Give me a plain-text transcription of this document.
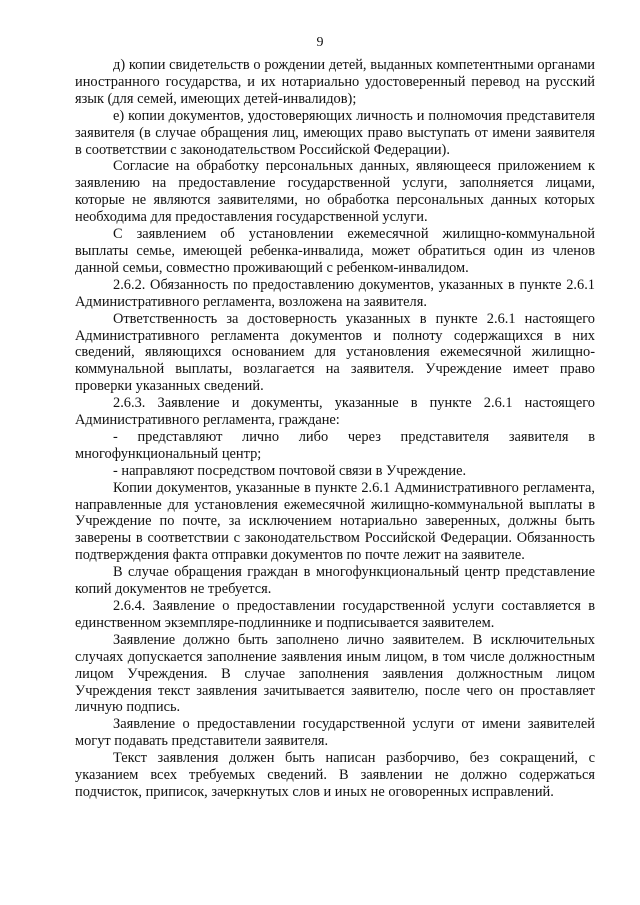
9

д) копии свидетельств о рождении детей, выданных компетентными органами иностранного государства, и их нотариально удостоверенный перевод на русский язык (для семей, имеющих детей-инвалидов);

е) копии документов, удостоверяющих личность и полномочия представителя заявителя (в случае обращения лиц, имеющих право выступать от имени заявителя в соответствии с законодательством Российской Федерации).

Согласие на обработку персональных данных, являющееся приложением к заявлению на предоставление государственной услуги, заполняется лицами, которые не являются заявителями, но обработка персональных данных которых необходима для предоставления государственной услуги.

С заявлением об установлении ежемесячной жилищно-коммунальной выплаты семье, имеющей ребенка-инвалида, может обратиться один из членов данной семьи, совместно проживающий с ребенком-инвалидом.

2.6.2. Обязанность по предоставлению документов, указанных в пункте 2.6.1 Административного регламента, возложена на заявителя.

Ответственность за достоверность указанных в пункте 2.6.1 настоящего Административного регламента документов и полноту содержащихся в них сведений, являющихся основанием для установления ежемесячной жилищно-коммунальной выплаты, возлагается на заявителя. Учреждение имеет право проверки указанных сведений.

2.6.3. Заявление и документы, указанные в пункте 2.6.1 настоящего Административного регламента, граждане:

- представляют лично либо через представителя заявителя в многофункциональный центр;

- направляют посредством почтовой связи в Учреждение.

Копии документов, указанные в пункте 2.6.1 Административного регламента, направленные для установления ежемесячной жилищно-коммунальной выплаты в Учреждение по почте, за исключением нотариально заверенных, должны быть заверены в соответствии с законодательством Российской Федерации. Обязанность подтверждения факта отправки документов по почте лежит на заявителе.

В случае обращения граждан в многофункциональный центр представление копий документов не требуется.

2.6.4. Заявление о предоставлении государственной услуги составляется в единственном экземпляре-подлиннике и подписывается заявителем.

Заявление должно быть заполнено лично заявителем. В исключительных случаях допускается заполнение заявления иным лицом, в том числе должностным лицом Учреждения. В случае заполнения заявления должностным лицом Учреждения текст заявления зачитывается заявителю, после чего он проставляет личную подпись.

Заявление о предоставлении государственной услуги от имени заявителей могут подавать представители заявителя.

Текст заявления должен быть написан разборчиво, без сокращений, с указанием всех требуемых сведений. В заявлении не должно содержаться подчисток, приписок, зачеркнутых слов и иных не оговоренных исправлений.
